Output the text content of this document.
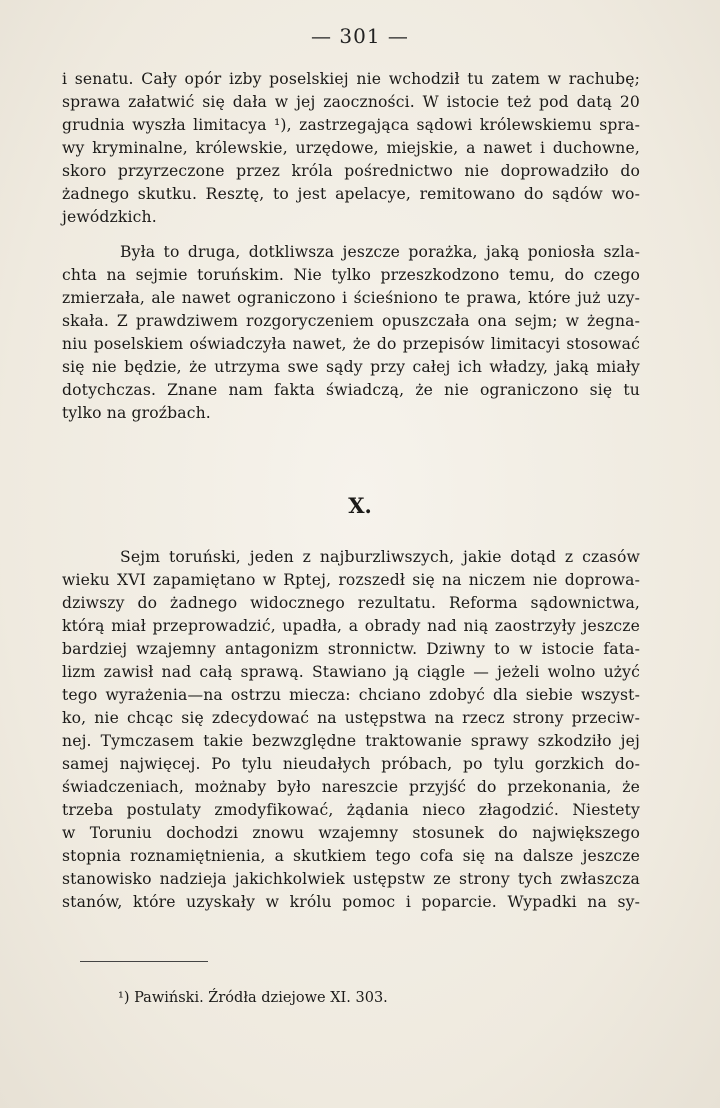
— 301 —
i senatu. Cały opór izby poselskiej nie wchodził tu zatem w rachubę;
sprawa załatwić się dała w jej zaoczności. W istocie też pod datą 20
grudnia wyszła limitacya ¹), zastrzegająca sądowi królewskiemu spra-
wy kryminalne, królewskie, urzędowe, miejskie, a nawet i duchowne,
skoro przyrzeczone przez króla pośrednictwo nie doprowadziło do
żadnego skutku. Resztę, to jest apelacye, remitowano do sądów wo-
jewódzkich.
Była to druga, dotkliwsza jeszcze porażka, jaką poniosła szla-
chta na sejmie toruńskim. Nie tylko przeszkodzono temu, do czego
zmierzała, ale nawet ograniczono i ścieśniono te prawa, które już uzy-
skała. Z prawdziwem rozgoryczeniem opuszczała ona sejm; w żegna-
niu poselskiem oświadczyła nawet, że do przepisów limitacyi stosować
się nie będzie, że utrzyma swe sądy przy całej ich władzy, jaką miały
dotychczas. Znane nam fakta świadczą, że nie ograniczono się tu
tylko na groźbach.
X.
Sejm toruński, jeden z najburzliwszych, jakie dotąd z czasów
wieku XVI zapamiętano w Rptej, rozszedł się na niczem nie doprowa-
dziwszy do żadnego widocznego rezultatu. Reforma sądownictwa,
którą miał przeprowadzić, upadła, a obrady nad nią zaostrzyły jeszcze
bardziej wzajemny antagonizm stronnictw. Dziwny to w istocie fata-
lizm zawisł nad całą sprawą. Stawiano ją ciągle — jeżeli wolno użyć
tego wyrażenia—na ostrzu miecza: chciano zdobyć dla siebie wszyst-
ko, nie chcąc się zdecydować na ustępstwa na rzecz strony przeciw-
nej. Tymczasem takie bezwzględne traktowanie sprawy szkodziło jej
samej najwięcej. Po tylu nieudałych próbach, po tylu gorzkich do-
świadczeniach, możnaby było nareszcie przyjść do przekonania, że
trzeba postulaty zmodyfikować, żądania nieco złagodzić. Niestety
w Toruniu dochodzi znowu wzajemny stosunek do największego
stopnia roznamiętnienia, a skutkiem tego cofa się na dalsze jeszcze
stanowisko nadzieja jakichkolwiek ustępstw ze strony tych zwłaszcza
stanów, które uzyskały w królu pomoc i poparcie. Wypadki na sy-
¹) Pawiński. Źródła dziejowe XI. 303.
